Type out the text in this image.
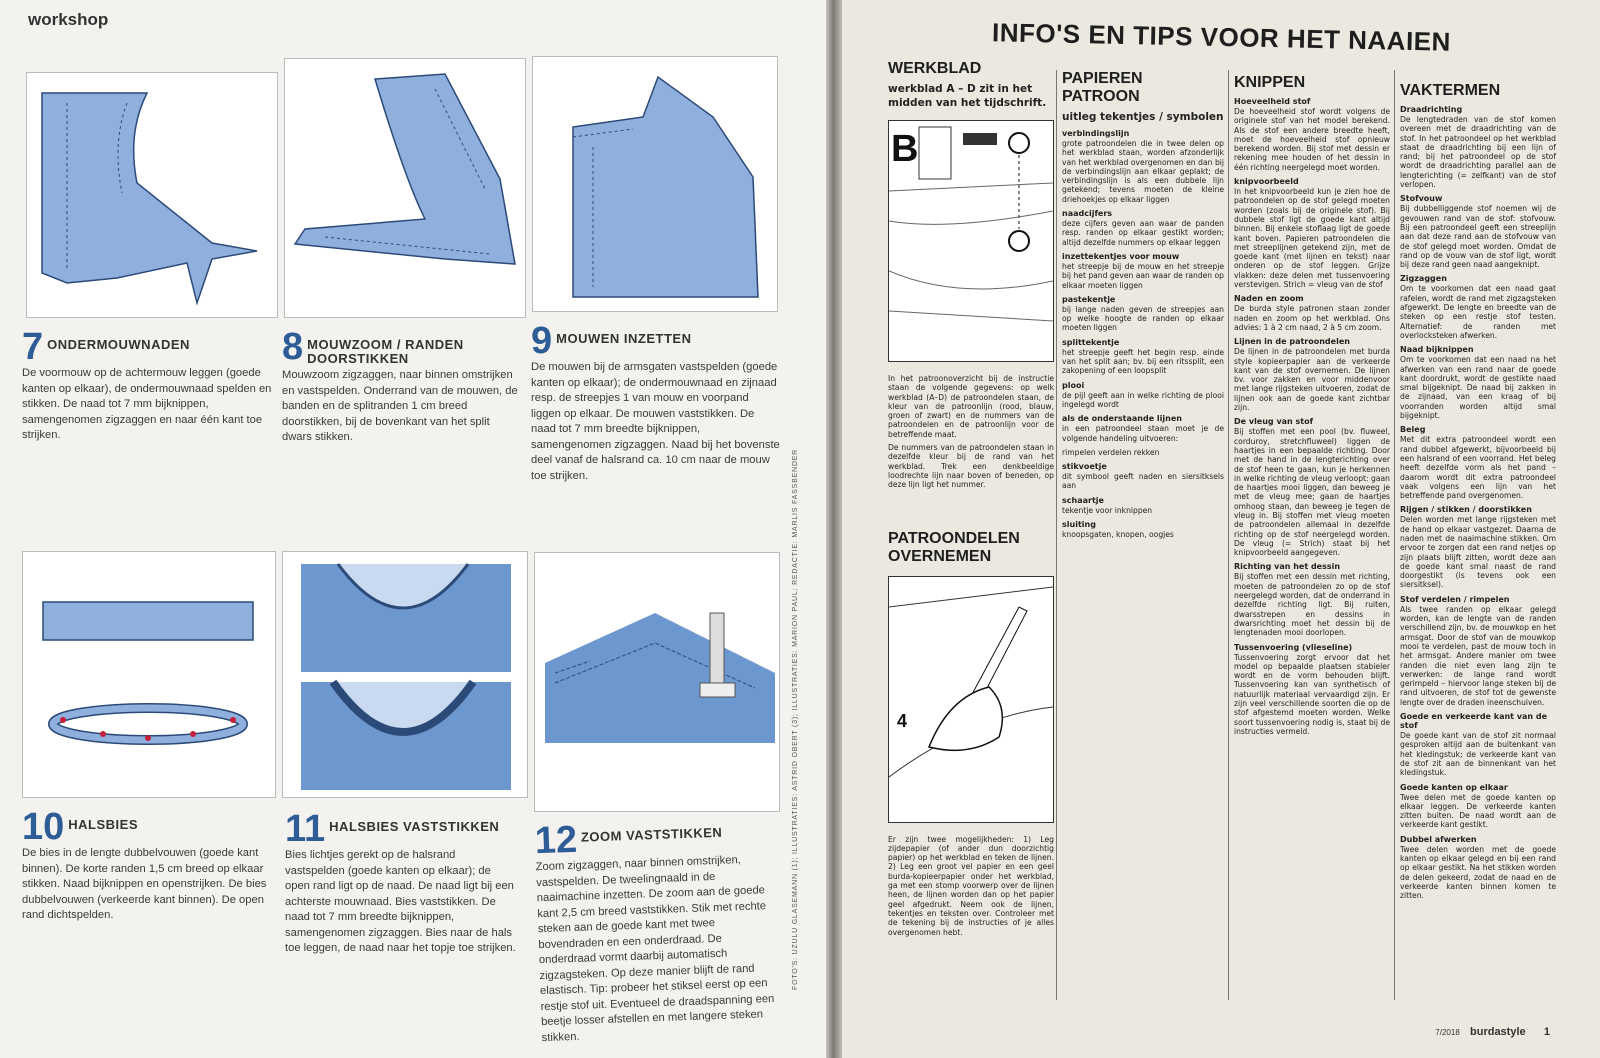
workshop
7 ONDERMOUWNADEN
De voormouw op de achtermouw leggen (goede kanten op elkaar), de ondermouwnaad spelden en stikken. De naad tot 7 mm bijknippen, samengenomen zigzaggen en naar één kant toe strijken.
8 MOUWZOOM / RANDEN DOORSTIKKEN
Mouwzoom zigzaggen, naar binnen omstrijken en vastspelden. Onderrand van de mouwen, de banden en de splitranden 1 cm breed doorstikken, bij de bovenkant van het split dwars stikken.
9 MOUWEN INZETTEN
De mouwen bij de armsgaten vastspelden (goede kanten op elkaar); de ondermouwnaad en zijnaad resp. de streepjes 1 van mouw en voorpand liggen op elkaar. De mouwen vaststikken. De naad tot 7 mm breedte bijknippen, samengenomen zigzaggen. Naad bij het bovenste deel vanaf de halsrand ca. 10 cm naar de mouw toe strijken.
10 HALSBIES
De bies in de lengte dubbelvouwen (goede kant binnen). De korte randen 1,5 cm breed op elkaar stikken. Naad bijknippen en openstrijken. De bies dubbelvouwen (verkeerde kant binnen). De open rand dichtspelden.
11 HALSBIES VASTSTIKKEN
Bies lichtjes gerekt op de halsrand vastspelden (goede kanten op elkaar); de open rand ligt op de naad. De naad ligt bij een achterste mouwnaad. Bies vaststikken. De naad tot 7 mm breedte bijknippen, samengenomen zigzaggen. Bies naar de hals toe leggen, de naad naar het topje toe strijken.
12 ZOOM VASTSTIKKEN
Zoom zigzaggen, naar binnen omstrijken, vastspelden. De tweelingnaald in de naaimachine inzetten. De zoom aan de goede kant 2,5 cm breed vaststikken. Stik met rechte steken aan de goede kant met twee bovendraden en een onderdraad. De onderdraad vormt daarbij automatisch zigzagsteken. Op deze manier blijft de rand elastisch. Tip: probeer het stiksel eerst op een restje stof uit. Eventueel de draadspanning een beetje losser afstellen en met langere steken stikken.
FOTO'S: UZULU GLASEMANN (1); ILLUSTRATIES: ASTRID OBERT (3); ILLUSTRATIES: MARION PAUL; REDACTIE: MARLIS FASSBENDER
INFO'S EN TIPS VOOR HET NAAIEN
WERKBLAD
werkblad A – D zit in het midden van het tijdschrift.
B

In het patroonoverzicht bij de instructie staan de volgende gegevens: op welk werkblad (A–D) de patroondelen staan, de kleur van de patroonlijn (rood, blauw, groen of zwart) en de nummers van de patroondelen en de patroonlijn voor de betreffende maat.

De nummers van de patroondelen staan in dezelfde kleur bij de rand van het werkblad. Trek een denkbeeldige loodrechte lijn naar boven of beneden, op deze lijn ligt het nummer.

PATROONDELEN OVERNEMEN
4

Er zijn twee mogelijkheden: 1) Leg zijdepapier (of ander dun doorzichtig papier) op het werkblad en teken de lijnen. 2) Leg een groot vel papier en een geel burda-kopieerpapier onder het werkblad, ga met een stomp voorwerp over de lijnen heen, de lijnen worden dan op het papier geel afgedrukt. Neem ook de lijnen, tekentjes en teksten over. Controleer met de tekening bij de instructies of je alles overgenomen hebt.

PAPIEREN PATROON
uitleg tekentjes / symbolen
verbindingslijn

grote patroondelen die in twee delen op het werkblad staan, worden afzonderlijk van het werkblad overgenomen en dan bij de verbindingslijn aan elkaar geplakt; de verbindingslijn is als een dubbele lijn getekend; tevens moeten de kleine driehoekjes op elkaar liggen

naadcijfers

deze cijfers geven aan waar de panden resp. randen op elkaar gestikt worden; altijd dezelfde nummers op elkaar leggen

inzettekentjes voor mouw

het streepje bij de mouw en het streepje bij het pand geven aan waar de randen op elkaar moeten liggen

pastekentje

bij lange naden geven de streepjes aan op welke hoogte de randen op elkaar moeten liggen

splittekentje

het streepje geeft het begin resp. einde van het split aan; bv. bij een ritssplit, een zakopening of een loopsplit

plooi

de pijl geeft aan in welke richting de plooi ingelegd wordt

als de onderstaande lijnen

in een patroondeel staan moet je de volgende handeling uitvoeren:

rimpelen verdelen rekken

stikvoetje

dit symbool geeft naden en siersitksels aan

schaartje

tekentje voor inknippen

sluiting

knoopsgaten, knopen, oogjes

KNIPPEN
Hoeveelheid stof

De hoeveelheid stof wordt volgens de originele stof van het model berekend. Als de stof een andere breedte heeft, moet de hoeveelheid stof opnieuw berekend worden. Bij stof met dessin er rekening mee houden of het dessin in één richting neergelegd moet worden.

knipvoorbeeld

In het knipvoorbeeld kun je zien hoe de patroondelen op de stof gelegd moeten worden (zoals bij de originele stof). Bij dubbele stof ligt de goede kant altijd binnen. Bij enkele stoflaag ligt de goede kant boven. Papieren patroondelen die met streeplijnen getekend zijn, met de goede kant (met lijnen en tekst) naar onderen op de stof leggen. Grijze vlakken: deze delen met tussenvoering verstevigen. Strich = vleug van de stof

Naden en zoom

De burda style patronen staan zonder naden en zoom op het werkblad. Ons advies: 1 à 2 cm naad, 2 à 5 cm zoom.

Lijnen in de patroondelen

De lijnen in de patroondelen met burda style kopieerpapier aan de verkeerde kant van de stof overnemen. De lijnen bv. voor zakken en voor middenvoor met lange rijgsteken uitvoeren, zodat de lijnen ook aan de goede kant zichtbar zijn.

De vleug van stof

Bij stoffen met een pool (bv. fluweel, corduroy, stretchfluweel) liggen de haartjes in een bepaalde richting. Door met de hand in de lengterichting over de stof heen te gaan, kun je herkennen in welke richting de vleug verloopt: gaan de haartjes mooi liggen, dan beweeg je met de vleug mee; gaan de haartjes omhoog staan, dan beweeg je tegen de vleug in. Bij stoffen met vleug moeten de patroondelen allemaal in dezelfde richting op de stof neergelegd worden. De vleug (= Strich) staat bij het knipvoorbeeld aangegeven.

Richting van het dessin

Bij stoffen met een dessin met richting, moeten de patroondelen zo op de stof neergelegd worden, dat de onderrand in dezelfde richting ligt. Bij ruiten, dwarsstrepen en dessins in dwarsrichting moet het dessin bij de lengtenaden mooi doorlopen.

Tussenvoering (vlieseline)

Tussenvoering zorgt ervoor dat het model op bepaalde plaatsen stabieler wordt en de vorm behouden blijft. Tussenvoering kan van synthetisch of natuurlijk materiaal vervaardigd zijn. Er zijn veel verschillende soorten die op de stof afgestemd moeten worden. Welke soort tussenvoering nodig is, staat bij de instructies vermeld.

VAKTERMEN
Draadrichting

De lengtedraden van de stof komen overeen met de draadrichting van de stof. In het patroondeel op het werkblad staat de draadrichting bij een lijn of rand; bij het patroondeel op de stof wordt de draadrichting parallel aan de lengterichting (= zelfkant) van de stof verlopen.

Stofvouw

Bij dubbelliggende stof noemen wij de gevouwen rand van de stof: stofvouw. Bij een patroondeel geeft een streeplijn aan dat deze rand aan de stofvouw van de stof gelegd moet worden. Omdat de rand op de vouw van de stof ligt, wordt bij deze rand geen naad aangeknipt.

Zigzaggen

Om te voorkomen dat een naad gaat rafelen, wordt de rand met zigzagsteken afgewerkt. De lengte en breedte van de steken op een restje stof testen. Alternatief: de randen met overlocksteken afwerken.

Naad bijknippen

Om te voorkomen dat een naad na het afwerken van een rand naar de goede kant doordrukt, wordt de gestikte naad smal bijgeknipt. De naad bij zakken in de zijnaad, van een kraag of bij voorranden worden altijd smal bijgeknipt.

Beleg

Met dit extra patroondeel wordt een rand dubbel afgewerkt, bijvoorbeeld bij een halsrand of een voorrand. Het beleg heeft dezelfde vorm als het pand – daarom wordt dit extra patroondeel vaak volgens een lijn van het betreffende pand overgenomen.

Rijgen / stikken / doorstikken

Delen worden met lange rijgsteken met de hand op elkaar vastgezet. Daarna de naden met de naaimachine stikken. Om ervoor te zorgen dat een rand netjes op zijn plaats blijft zitten, wordt deze aan de goede kant smal naast de rand doorgestikt (is tevens ook een siersitksel).

Stof verdelen / rimpelen

Als twee randen op elkaar gelegd worden, kan de lengte van de randen verschillend zijn, bv. de mouwkop en het armsgat. Door de stof van de mouwkop mooi te verdelen, past de mouw toch in het armsgat. Andere manier om twee randen die niet even lang zijn te verwerken: de lange rand wordt gerimpeld – hiervoor lange steken bij de rand uitvoeren, de stof tot de gewenste lengte over de draden ineenschuiven.

Goede en verkeerde kant van de stof

De goede kant van de stof zit normaal gesproken altijd aan de buitenkant van het kledingstuk; de verkeerde kant van de stof zit aan de binnenkant van het kledingstuk.

Goede kanten op elkaar

Twee delen met de goede kanten op elkaar leggen. De verkeerde kanten zitten buiten. De naad wordt aan de verkeerde kant gestikt.

Dubbel afwerken

Twee delen worden met de goede kanten op elkaar gelegd en bij een rand op elkaar gestikt. Na het stikken worden de delen gekeerd, zodat de naad en de verkeerde kanten binnen komen te zitten.

7/2018 burdastyle 1
